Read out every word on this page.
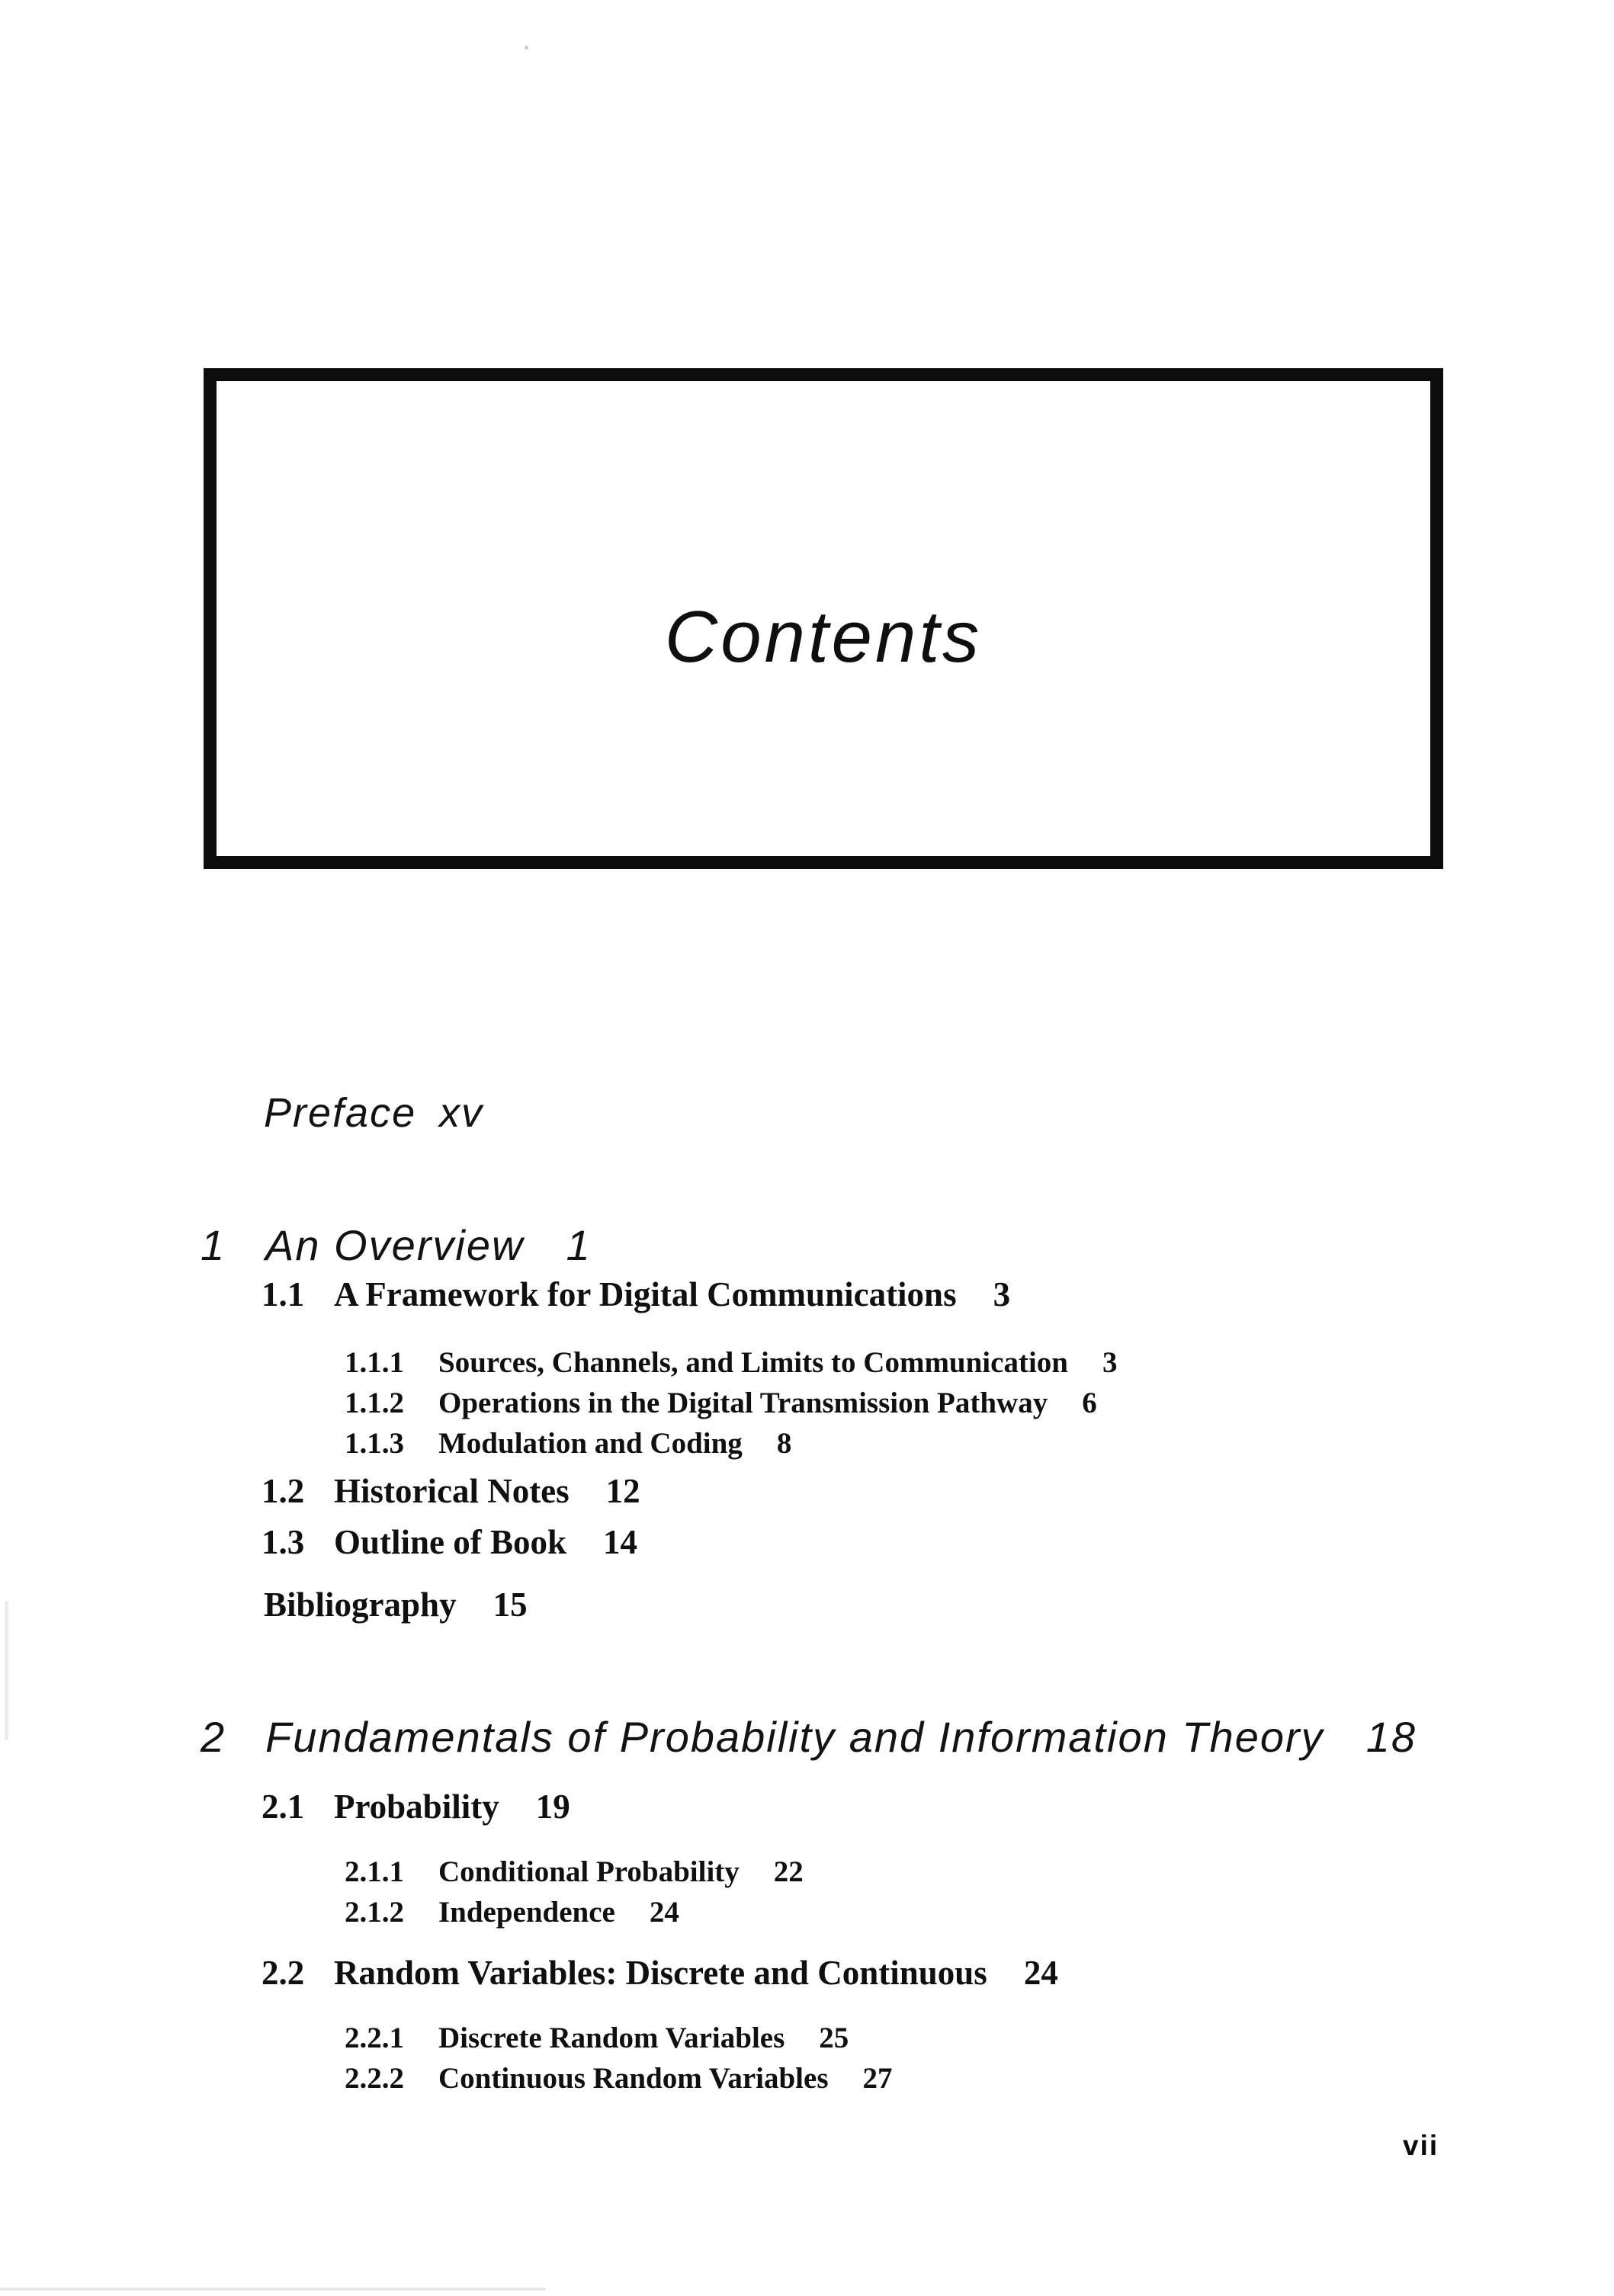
Contents
Preface xv
1 An Overview 1
1.1 A Framework for Digital Communications 3
1.1.1	Sources, Channels, and Limits to Communication 3
1.1.2	Operations in the Digital Transmission Pathway 6
1.1.3	Modulation and Coding 8
1.2 Historical Notes 12
1.3 Outline of Book 14
Bibliography 15
2 Fundamentals of Probability and Information Theory 18
2.1 Probability 19
2.1.1	Conditional Probability 22
2.1.2	Independence 24
2.2 Random Variables: Discrete and Continuous 24
2.2.1	Discrete Random Variables 25
2.2.2	Continuous Random Variables 27
vii
